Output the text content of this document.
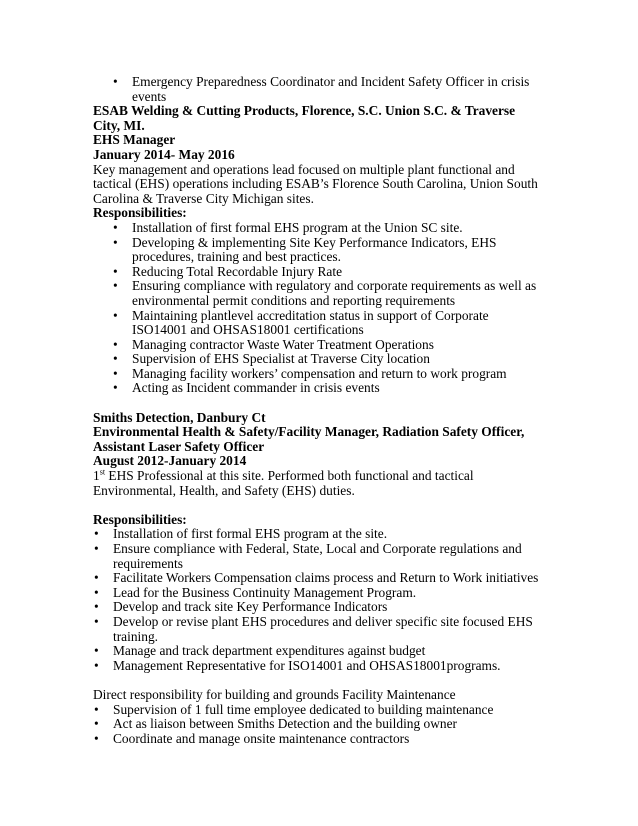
• Emergency Preparedness Coordinator and Incident Safety Officer in crisis events

ESAB Welding & Cutting Products, Florence, S.C. Union S.C. & Traverse City, MI.

EHS Manager

January 2014- May 2016

Key management and operations lead focused on multiple plant functional and tactical (EHS) operations including ESAB’s Florence South Carolina, Union South Carolina & Traverse City Michigan sites.

Responsibilities:

• Installation of first formal EHS program at the Union SC site.
• Developing & implementing Site Key Performance Indicators, EHS procedures, training and best practices.
• Reducing Total Recordable Injury Rate
• Ensuring compliance with regulatory and corporate requirements as well as environmental permit conditions and reporting requirements
• Maintaining plantlevel accreditation status in support of Corporate ISO14001 and OHSAS18001 certifications
• Managing contractor Waste Water Treatment Operations
• Supervision of EHS Specialist at Traverse City location
• Managing facility workers’ compensation and return to work program
• Acting as Incident commander in crisis events

Smiths Detection, Danbury Ct

Environmental Health & Safety/Facility Manager, Radiation Safety Officer, Assistant Laser Safety Officer

August 2012-January 2014

1st EHS Professional at this site. Performed both functional and tactical Environmental, Health, and Safety (EHS) duties.

Responsibilities:

• Installation of first formal EHS program at the site.
• Ensure compliance with Federal, State, Local and Corporate regulations and requirements
• Facilitate Workers Compensation claims process and Return to Work initiatives
• Lead for the Business Continuity Management Program.
• Develop and track site Key Performance Indicators
• Develop or revise plant EHS procedures and deliver specific site focused EHS training.
• Manage and track department expenditures against budget
• Management Representative for ISO14001 and OHSAS18001programs.

Direct responsibility for building and grounds Facility Maintenance

• Supervision of 1 full time employee dedicated to building maintenance
• Act as liaison between Smiths Detection and the building owner
• Coordinate and manage onsite maintenance contractors
